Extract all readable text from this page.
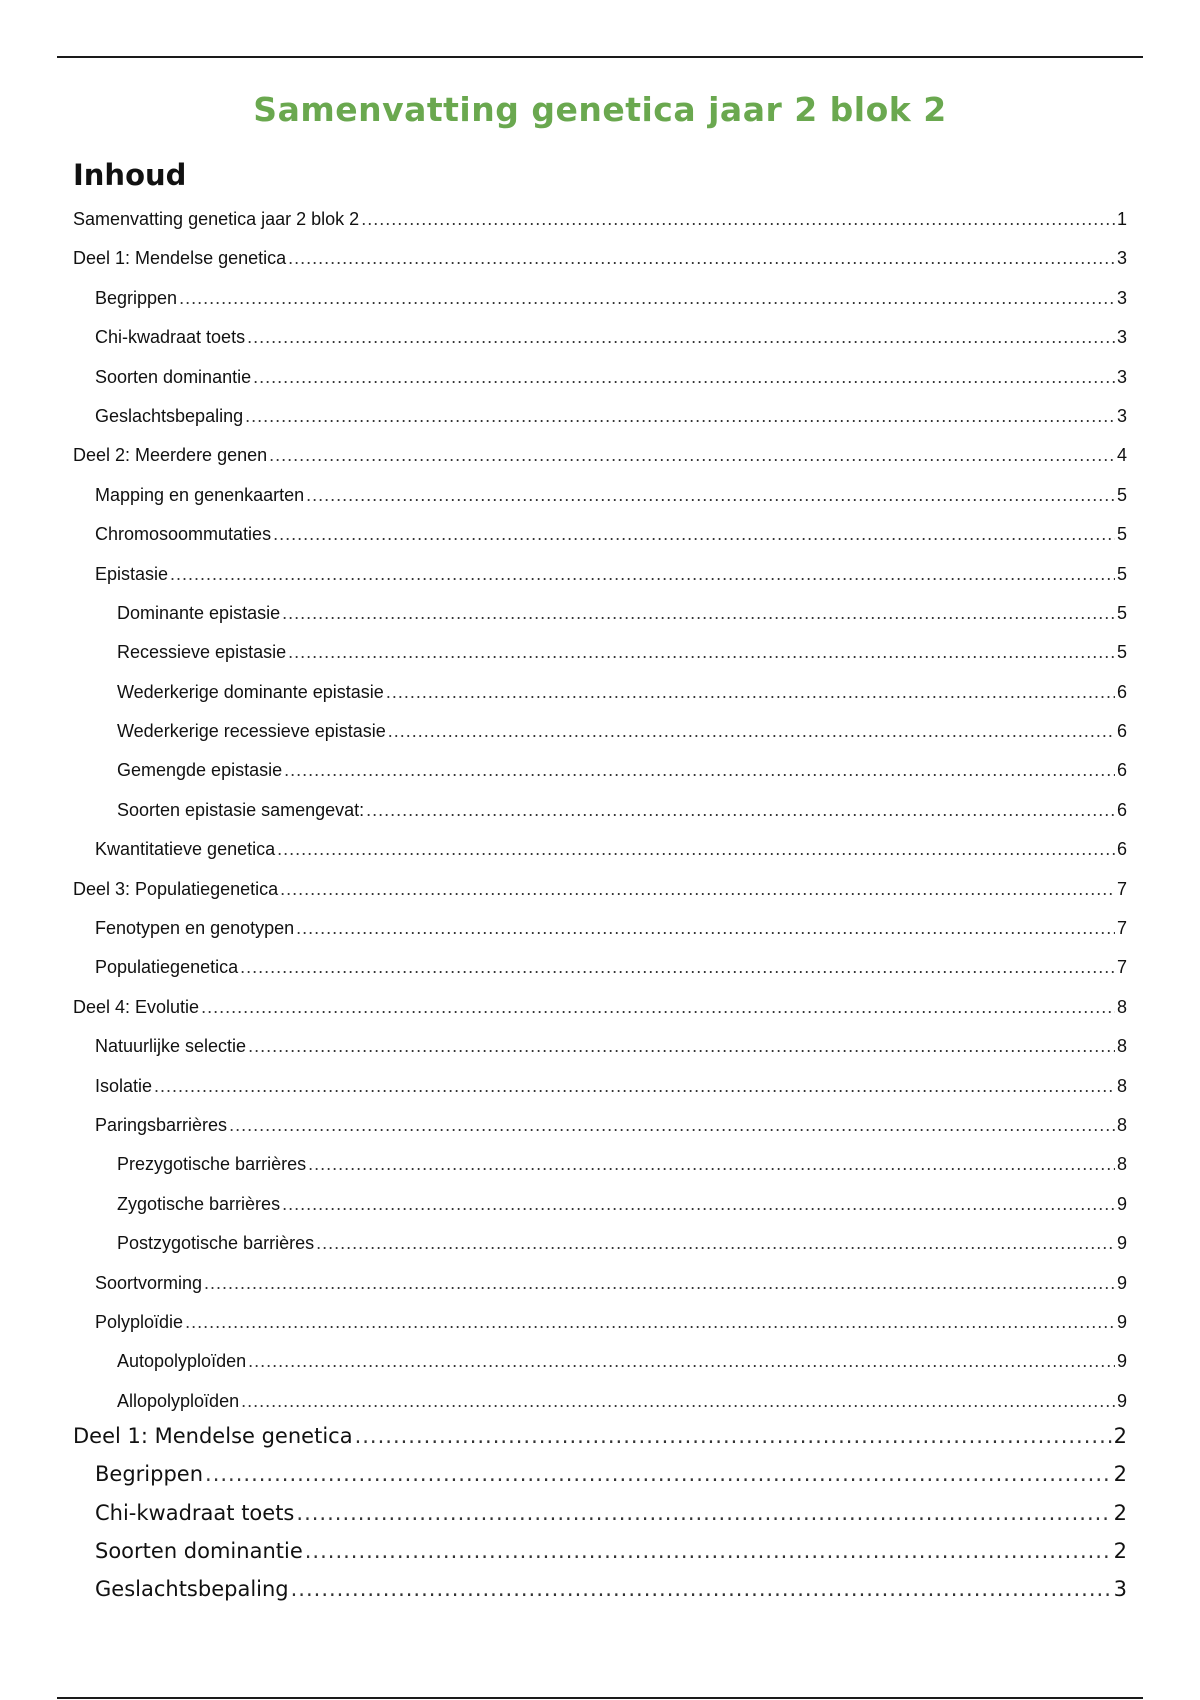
Samenvatting genetica jaar 2 blok 2
Inhoud
Samenvatting genetica jaar 2 blok 2 .....	1
Deel 1: Mendelse genetica .....	3
Begrippen .....	3
Chi-kwadraat toets .....	3
Soorten dominantie .....	3
Geslachtsbepaling .....	3
Deel 2: Meerdere genen .....	4
Mapping en genenkaarten .....	5
Chromosoommutaties .....	5
Epistasie .....	5
Dominante epistasie .....	5
Recessieve epistasie .....	5
Wederkerige dominante epistasie .....	6
Wederkerige recessieve epistasie .....	6
Gemengde epistasie .....	6
Soorten epistasie samengevat: .....	6
Kwantitatieve genetica .....	6
Deel 3: Populatiegenetica .....	7
Fenotypen en genotypen .....	7
Populatiegenetica .....	7
Deel 4: Evolutie .....	8
Natuurlijke selectie .....	8
Isolatie .....	8
Paringsbarrières .....	8
Prezygotische barrières .....	8
Zygotische barrières .....	9
Postzygotische barrières .....	9
Soortvorming .....	9
Polyploïdie .....	9
Autopolyploïden .....	9
Allopolyploïden .....	9
Deel 1: Mendelse genetica .....	2
Begrippen .....	2
Chi-kwadraat toets .....	2
Soorten dominantie .....	2
Geslachtsbepaling .....	3
